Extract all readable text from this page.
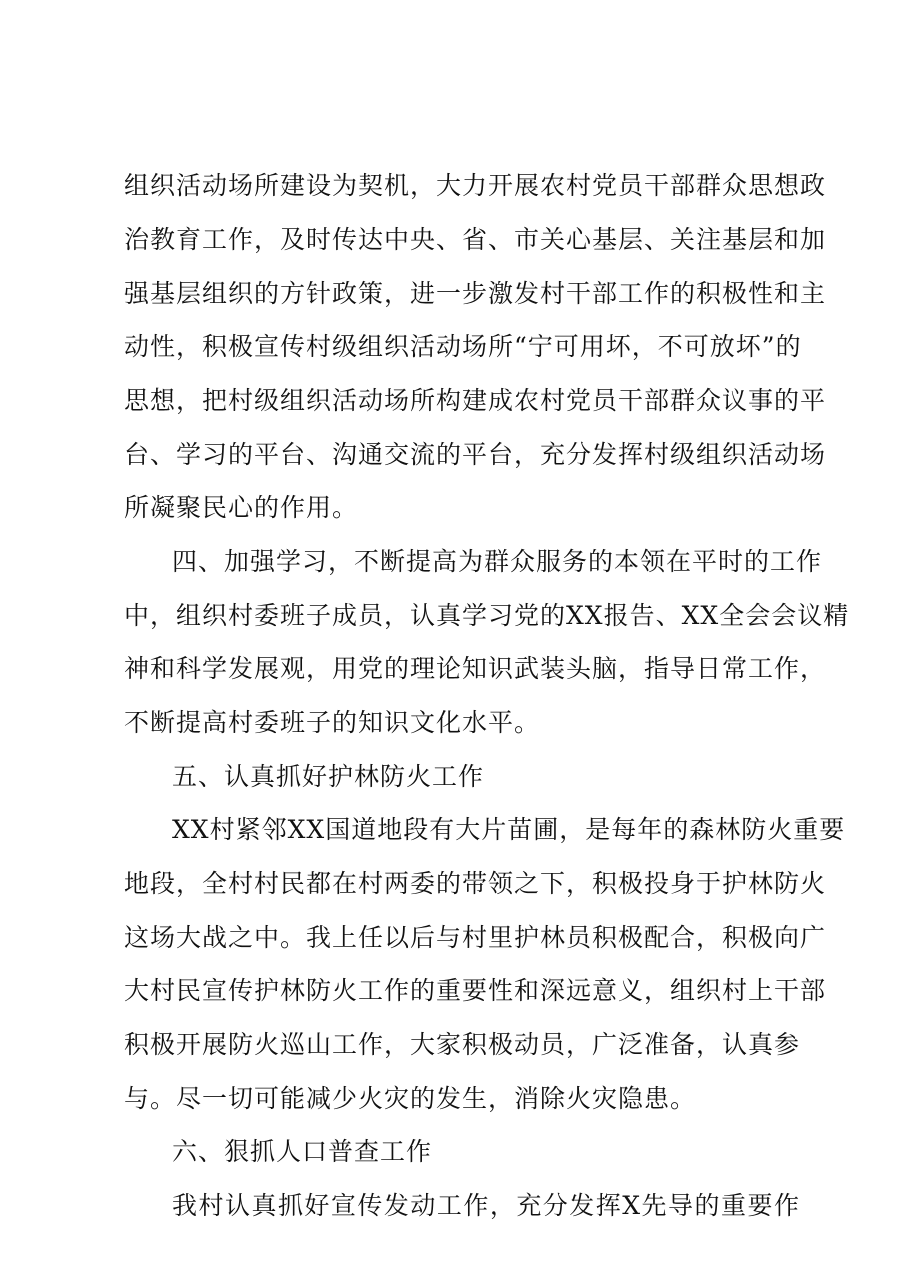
组织活动场所建设为契机，大力开展农村党员干部群众思想政
治教育工作，及时传达中央、省、市关心基层、关注基层和加
强基层组织的方针政策，进一步激发村干部工作的积极性和主
动性，积极宣传村级组织活动场所“宁可用坏，不可放坏”的
思想，把村级组织活动场所构建成农村党员干部群众议事的平
台、学习的平台、沟通交流的平台，充分发挥村级组织活动场
所凝聚民心的作用。
四、加强学习，不断提高为群众服务的本领在平时的工作
中，组织村委班子成员，认真学习党的XX报告、XX全会会议精
神和科学发展观，用党的理论知识武装头脑，指导日常工作，
不断提高村委班子的知识文化水平。
五、认真抓好护林防火工作
XX村紧邻XX国道地段有大片苗圃，是每年的森林防火重要
地段，全村村民都在村两委的带领之下，积极投身于护林防火
这场大战之中。我上任以后与村里护林员积极配合，积极向广
大村民宣传护林防火工作的重要性和深远意义，组织村上干部
积极开展防火巡山工作，大家积极动员，广泛准备，认真参
与。尽一切可能减少火灾的发生，消除火灾隐患。
六、狠抓人口普查工作
我村认真抓好宣传发动工作，充分发挥X先导的重要作
